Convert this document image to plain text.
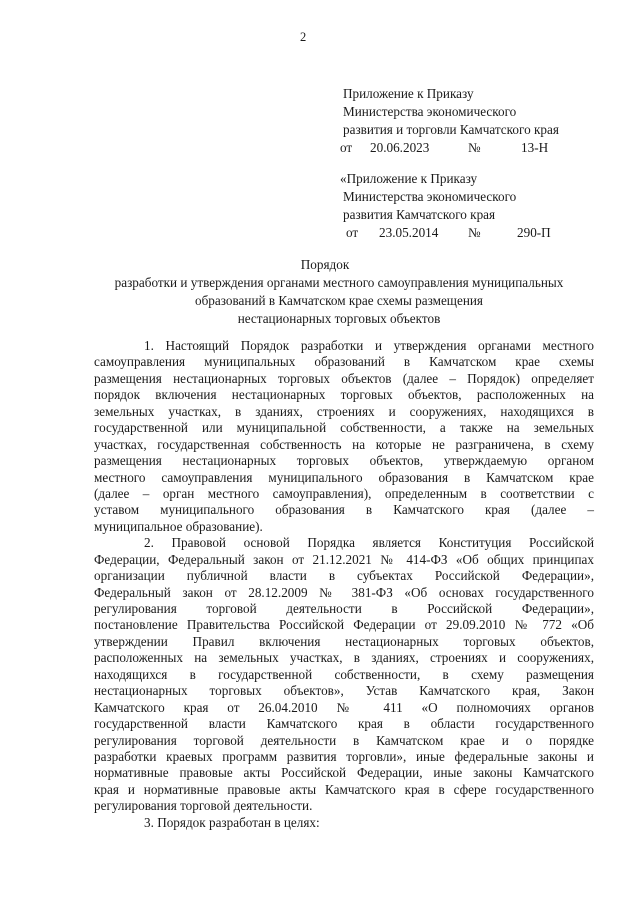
2
Приложение к Приказу
Министерства экономического
развития и торговли Камчатского края
от 20.06.2023	№	13-Н
«Приложение к Приказу
Министерства экономического
развития Камчатского края
от 23.05.2014 №	290-П
Порядок
разработки и утверждения органами местного самоуправления муниципальных
образований в Камчатском крае схемы размещения
нестационарных торговых объектов
1. Настоящий Порядок разработки и утверждения органами местного
самоуправления муниципальных образований в Камчатском крае схемы
размещения нестационарных торговых объектов (далее – Порядок) определяет
порядок включения нестационарных торговых объектов, расположенных на
земельных участках, в зданиях, строениях и сооружениях, находящихся в
государственной или муниципальной собственности, а также на земельных
участках, государственная собственность на которые не разграничена, в схему
размещения нестационарных торговых объектов, утверждаемую органом
местного самоуправления муниципального образования в Камчатском крае
(далее – орган местного самоуправления), определенным в соответствии с
уставом муниципального образования в Камчатского края (далее –
муниципальное образование).
2. Правовой основой Порядка является Конституция Российской
Федерации, Федеральный закон от 21.12.2021 № 414-ФЗ «Об общих принципах
организации публичной власти в субъектах Российской Федерации»,
Федеральный закон от 28.12.2009 № 381-ФЗ «Об основах государственного
регулирования торговой деятельности в Российской Федерации»,
постановление Правительства Российской Федерации от 29.09.2010 № 772 «Об
утверждении Правил включения нестационарных торговых объектов,
расположенных на земельных участках, в зданиях, строениях и сооружениях,
находящихся в государственной собственности, в схему размещения
нестационарных торговых объектов», Устав Камчатского края, Закон
Камчатского края от 26.04.2010 № 411 «О полномочиях органов
государственной власти Камчатского края в области государственного
регулирования торговой деятельности в Камчатском крае и о порядке
разработки краевых программ развития торговли», иные федеральные законы и
нормативные правовые акты Российской Федерации, иные законы Камчатского
края и нормативные правовые акты Камчатского края в сфере государственного
регулирования торговой деятельности.
3. Порядок разработан в целях:
